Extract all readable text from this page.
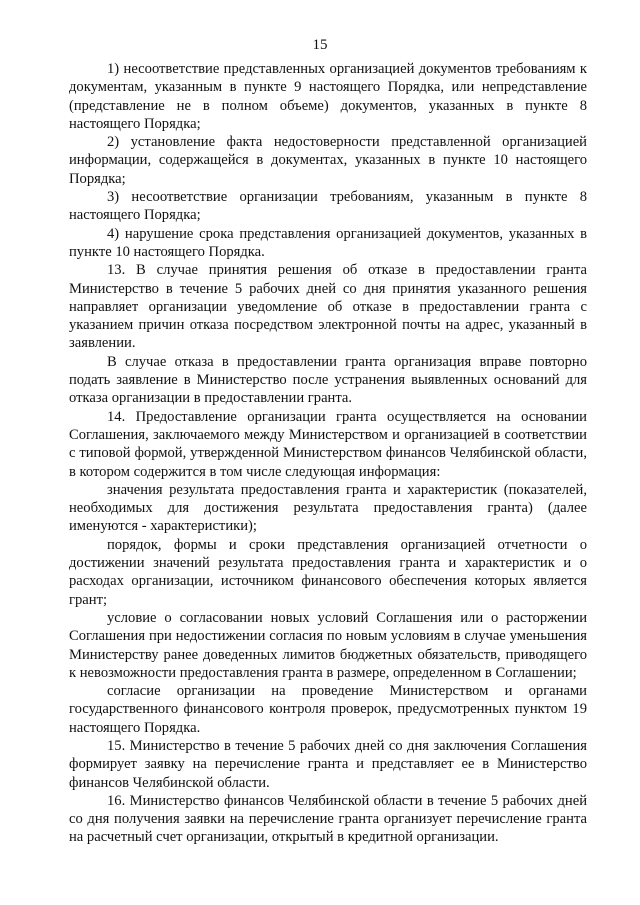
15

1) несоответствие представленных организацией документов требованиям к документам, указанным в пункте 9 настоящего Порядка, или непредставление (представление не в полном объеме) документов, указанных в пункте 8 настоящего Порядка;

2) установление факта недостоверности представленной организацией информации, содержащейся в документах, указанных в пункте 10 настоящего Порядка;

3) несоответствие организации требованиям, указанным в пункте 8 настоящего Порядка;

4) нарушение срока представления организацией документов, указанных в пункте 10 настоящего Порядка.

13. В случае принятия решения об отказе в предоставлении гранта Министерство в течение 5 рабочих дней со дня принятия указанного решения направляет организации уведомление об отказе в предоставлении гранта с указанием причин отказа посредством электронной почты на адрес, указанный в заявлении.

В случае отказа в предоставлении гранта организация вправе повторно подать заявление в Министерство после устранения выявленных оснований для отказа организации в предоставлении гранта.

14. Предоставление организации гранта осуществляется на основании Соглашения, заключаемого между Министерством и организацией в соответствии с типовой формой, утвержденной Министерством финансов Челябинской области, в котором содержится в том числе следующая информация:

значения результата предоставления гранта и характеристик (показателей, необходимых для достижения результата предоставления гранта) (далее именуются - характеристики);

порядок, формы и сроки представления организацией отчетности о достижении значений результата предоставления гранта и характеристик и о расходах организации, источником финансового обеспечения которых является грант;

условие о согласовании новых условий Соглашения или о расторжении Соглашения при недостижении согласия по новым условиям в случае уменьшения Министерству ранее доведенных лимитов бюджетных обязательств, приводящего к невозможности предоставления гранта в размере, определенном в Соглашении;

согласие организации на проведение Министерством и органами государственного финансового контроля проверок, предусмотренных пунктом 19 настоящего Порядка.

15. Министерство в течение 5 рабочих дней со дня заключения Соглашения формирует заявку на перечисление гранта и представляет ее в Министерство финансов Челябинской области.

16. Министерство финансов Челябинской области в течение 5 рабочих дней со дня получения заявки на перечисление гранта организует перечисление гранта на расчетный счет организации, открытый в кредитной организации.
